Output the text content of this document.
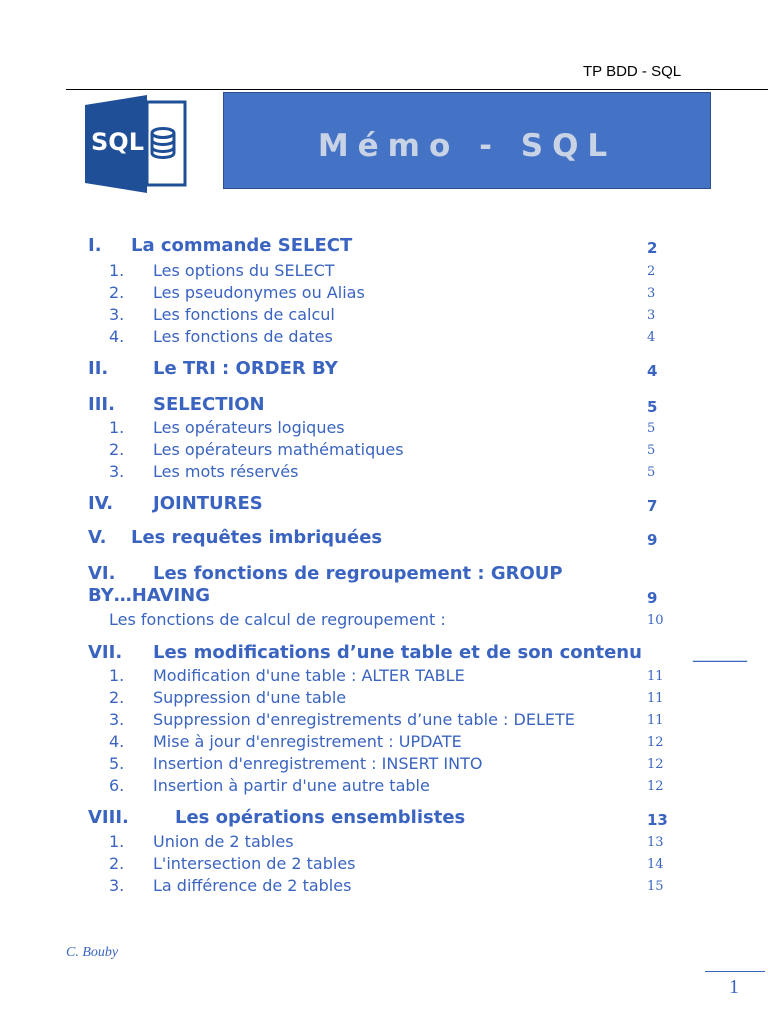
TP BDD - SQL
SQL	Mémo - SQL
I. La commande SELECT	2
1. Les options du SELECT	2
2. Les pseudonymes ou Alias	3
3. Les fonctions de calcul	3
4. Les fonctions de dates	4
II. Le TRI : ORDER BY	4
III. SELECTION	5
1. Les opérateurs logiques	5
2. Les opérateurs mathématiques	5
3. Les mots réservés	5
IV. JOINTURES	7
V. Les requêtes imbriquées	9
VI. Les fonctions de regroupement : GROUP
BY…HAVING	9
Les fonctions de calcul de regroupement :	10
VII. Les modifications d’une table et de son contenu	______
1. Modification d'une table : ALTER TABLE	11
2. Suppression d'une table	11
3. Suppression d'enregistrements d’une table : DELETE	11
4. Mise à jour d'enregistrement : UPDATE	12
5. Insertion d'enregistrement : INSERT INTO	12
6. Insertion à partir d'une autre table	12
VIII.	Les opérations ensemblistes	13
1. Union de 2 tables	13
2. L'intersection de 2 tables	14
3. La différence de 2 tables	15
C. Bouby
1
